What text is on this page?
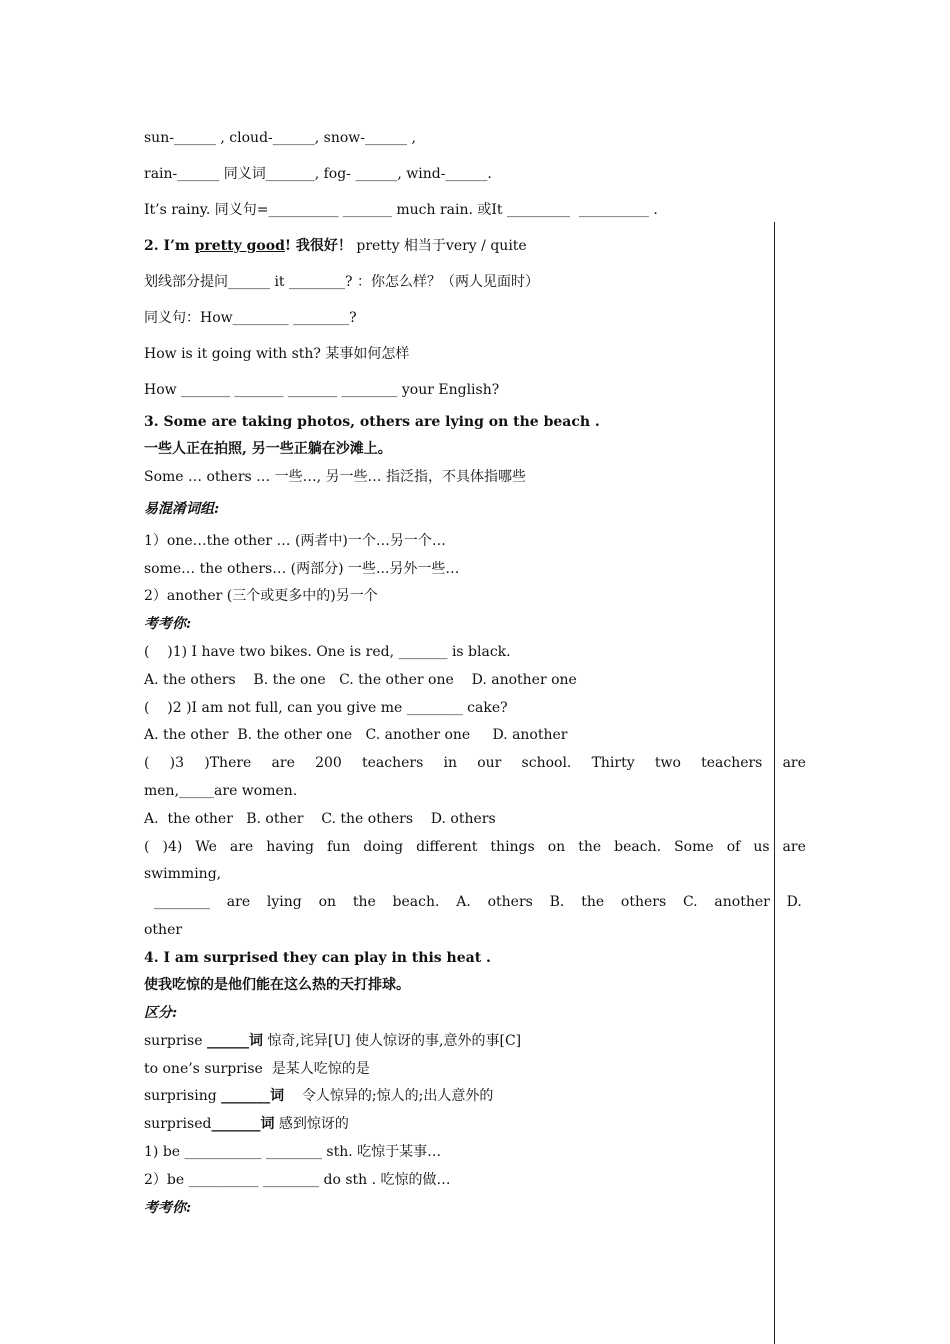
sun-______ , cloud-______, snow-______ ,
rain-______ 同义词_______, fog- ______, wind-______.
It’s rainy. 同义句=__________ _______ much rain. 或It _________  __________ .
2. I’m pretty good! 我很好！ pretty 相当于very / quite
划线部分提问______ it ________? ：你怎么样？（两人见面时）
同义句：How________ ________?
How is it going with sth? 某事如何怎样
How _______ _______ _______ ________ your English?
3. Some are taking photos, others are lying on the beach .
一些人正在拍照, 另一些正躺在沙滩上。
Some … others … 一些…, 另一些… 指泛指，不具体指哪些
易混淆词组:
1）one…the other … (两者中)一个…另一个…
some… the others… (两部分) 一些...另外一些…
2）another (三个或更多中的)另一个
考考你:
(    )1) I have two bikes. One is red, _______ is black.
A. the others    B. the one   C. the other one    D. another one
(    )2 )I am not full, can you give me ________ cake?
A. the other  B. the other one   C. another one     D. another
( )3 )There are 200 teachers in our school. Thirty two teachers are
men,_____are women.
A.  the other   B. other    C. the others    D. others
( )4) We are having fun doing different things on the beach. Some of us are
swimming,
________ are lying on the beach. A. others B. the others C. another D.
other
4. I am surprised they can play in this heat .
使我吃惊的是他们能在这么热的天打排球。
区分:
surprise ______词 惊奇,诧异[U] 使人惊讶的事,意外的事[C]
to one’s surprise  是某人吃惊的是
surprising _______词    令人惊异的;惊人的;出人意外的
surprised_______词 感到惊讶的
1) be ___________ ________ sth. 吃惊于某事…
2）be __________ ________ do sth . 吃惊的做…
考考你:
